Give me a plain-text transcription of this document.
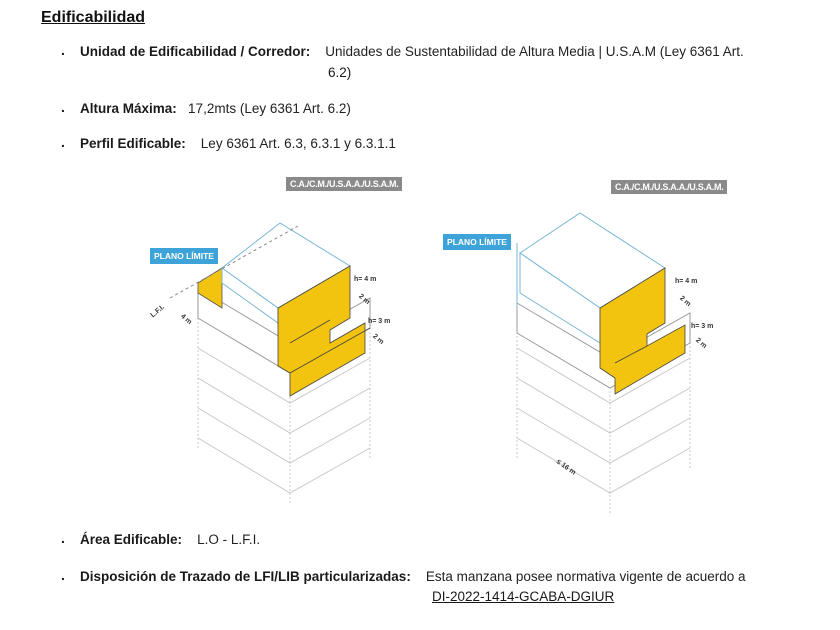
Edificabilidad
. Unidad de Edificabilidad / Corredor: Unidades de Sustentabilidad de Altura Media | U.S.A.M (Ley 6361 Art.
6.2)
. Altura Máxima: 17,2mts (Ley 6361 Art. 6.2)
. Perfil Edificable: Ley 6361 Art. 6.3, 6.3.1 y 6.3.1.1
C.A./C.M./U.S.A.A./U.S.A.M.
PLANO LÍMITE
L.F.I.
4 m
h= 4 m
2 m
h= 3 m
2 m
C.A./C.M./U.S.A.A./U.S.A.M.
PLANO LÍMITE
h= 4 m
2 m
h= 3 m
2 m
≤ 16 m
. Área Edificable: L.O - L.F.I.
. Disposición de Trazado de LFI/LIB particularizadas: Esta manzana posee normativa vigente de acuerdo a
DI-2022-1414-GCABA-DGIUR
